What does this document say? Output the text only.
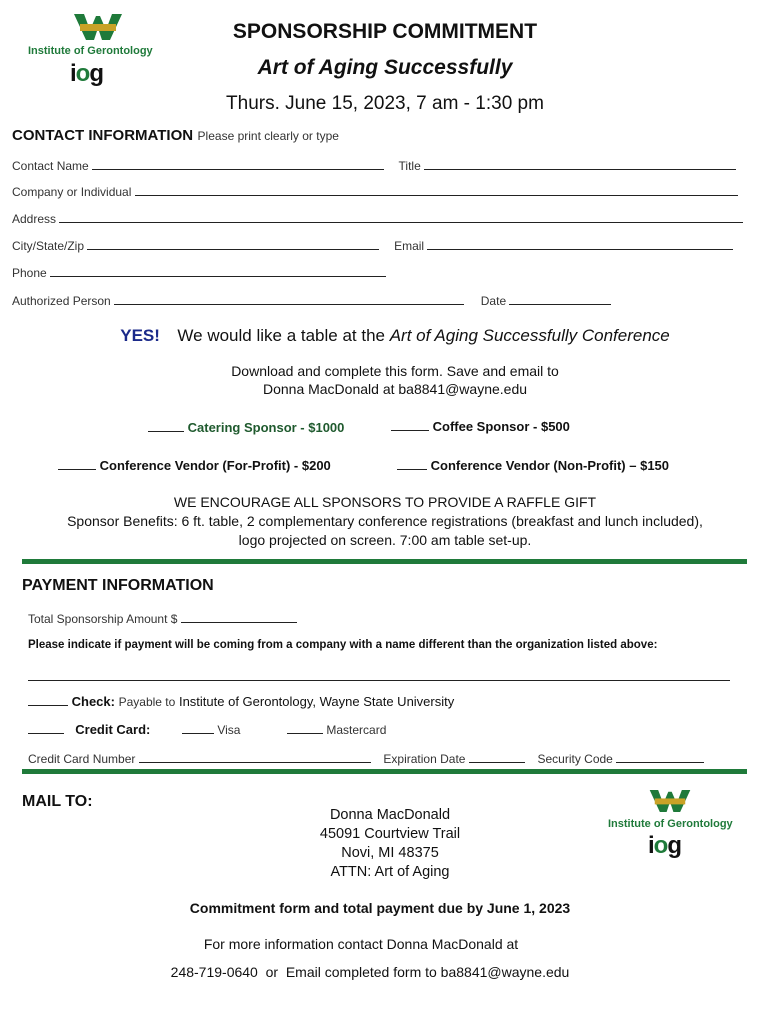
Institute of Gerontology
iog
SPONSORSHIP COMMITMENT
Art of Aging Successfully
Thurs. June 15, 2023, 7 am - 1:30 pm
CONTACT INFORMATION Please print clearly or type
Contact Name	Title
Company or Individual
Address
City/State/Zip	Email
Phone
Authorized Person	Date
YES! We would like a table at the Art of Aging Successfully Conference
Download and complete this form. Save and email to
Donna MacDonald at ba8841@wayne.edu
Catering Sponsor - $1000	Coffee Sponsor - $500
Conference Vendor (For-Profit) - $200	Conference Vendor (Non-Profit) – $150
WE ENCOURAGE ALL SPONSORS TO PROVIDE A RAFFLE GIFT
Sponsor Benefits: 6 ft. table, 2 complementary conference registrations (breakfast and lunch included),
logo projected on screen. 7:00 am table set-up.
PAYMENT INFORMATION
Total Sponsorship Amount $
Please indicate if payment will be coming from a company with a name different than the organization listed above:
Check: Payable to Institute of Gerontology, Wayne State University
Credit Card:	Visa	Mastercard
Credit Card Number	Expiration Date	Security Code
MAIL TO:
Donna MacDonald
45091 Courtview Trail
Novi, MI 48375
ATTN: Art of Aging
Institute of Gerontology
iog
Commitment form and total payment due by June 1, 2023
For more information contact Donna MacDonald at
248-719-0640  or  Email completed form to ba8841@wayne.edu
